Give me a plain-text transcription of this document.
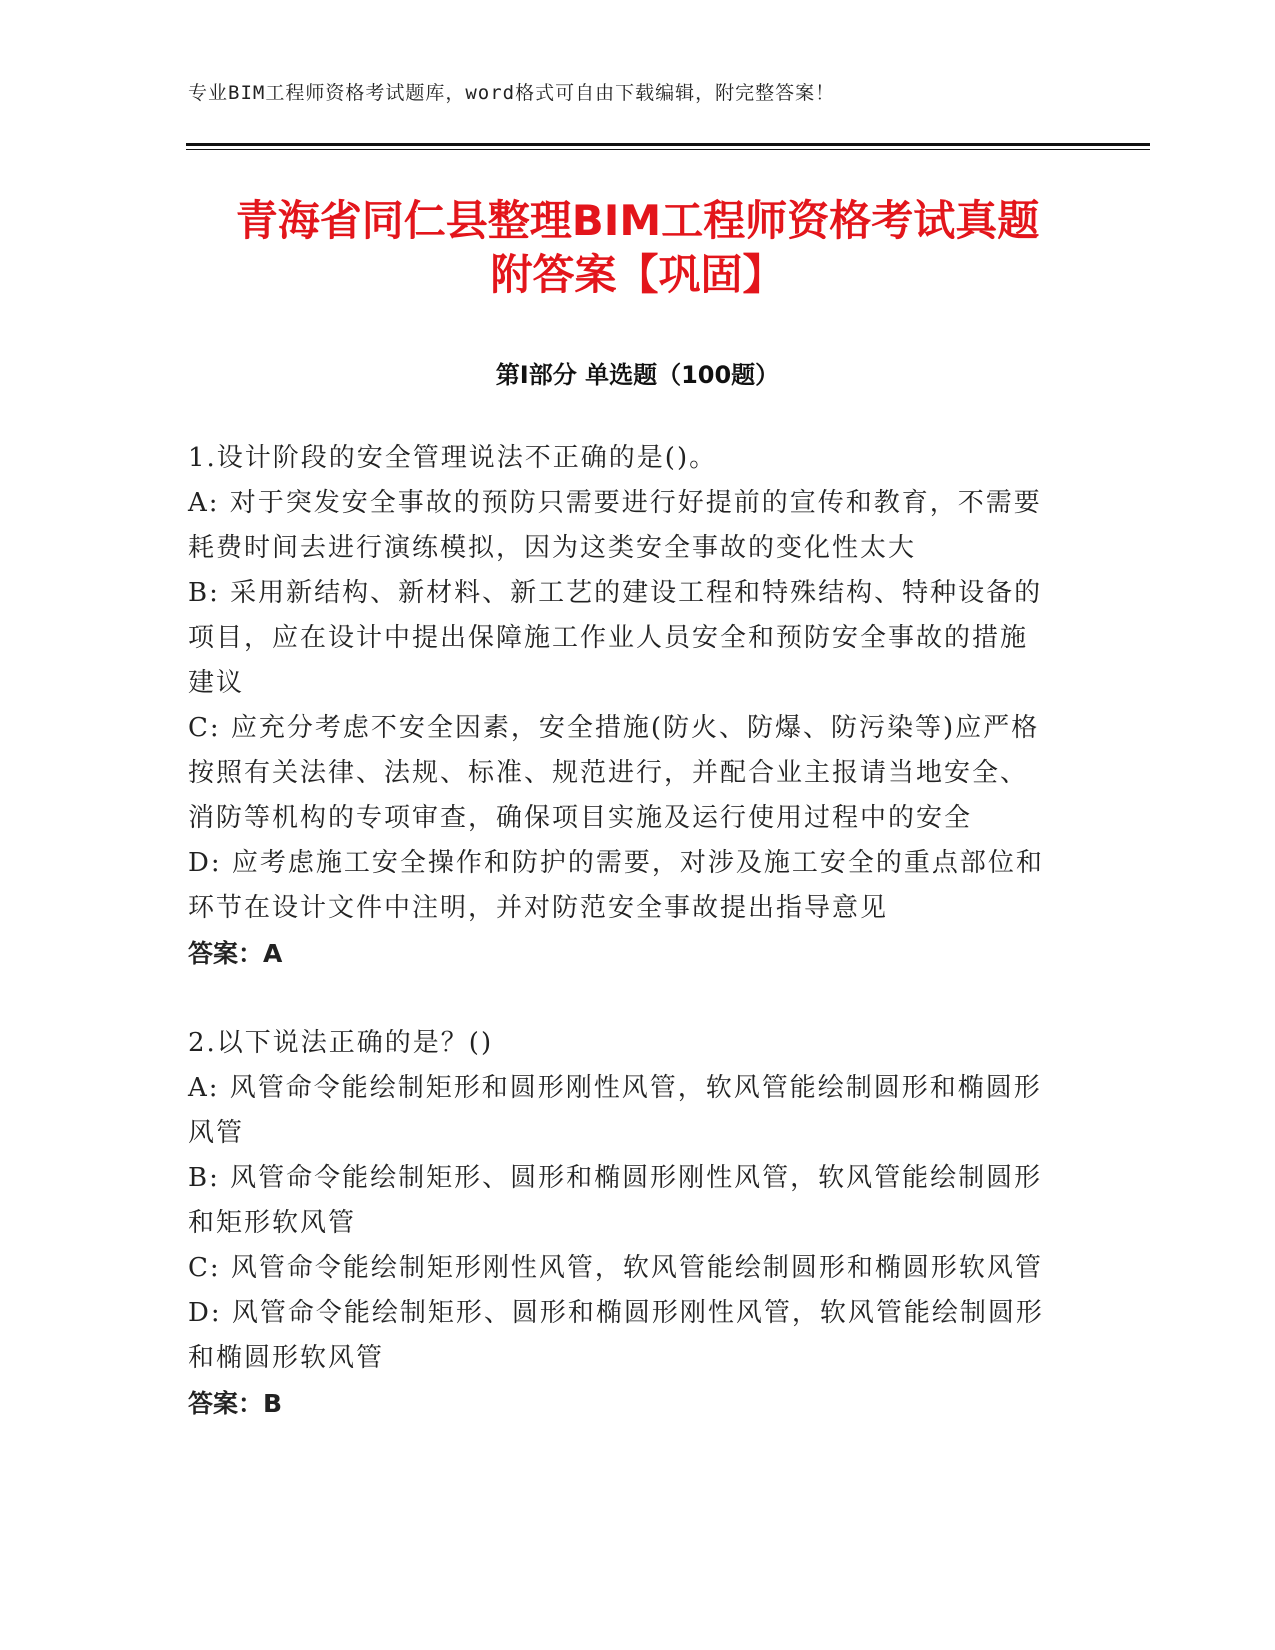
专业BIM工程师资格考试题库，word格式可自由下载编辑，附完整答案！
青海省同仁县整理BIM工程师资格考试真题
附答案【巩固】
第Ⅰ部分 单选题（100题）

1.设计阶段的安全管理说法不正确的是()。

A: 对于突发安全事故的预防只需要进行好提前的宣传和教育，不需要

耗费时间去进行演练模拟，因为这类安全事故的变化性太大

B: 采用新结构、新材料、新工艺的建设工程和特殊结构、特种设备的

项目，应在设计中提出保障施工作业人员安全和预防安全事故的措施

建议

C: 应充分考虑不安全因素，安全措施(防火、防爆、防污染等)应严格

按照有关法律、法规、标准、规范进行，并配合业主报请当地安全、

消防等机构的专项审查，确保项目实施及运行使用过程中的安全

D: 应考虑施工安全操作和防护的需要，对涉及施工安全的重点部位和

环节在设计文件中注明，并对防范安全事故提出指导意见

答案：A

2.以下说法正确的是？()

A: 风管命令能绘制矩形和圆形刚性风管，软风管能绘制圆形和椭圆形

风管

B: 风管命令能绘制矩形、圆形和椭圆形刚性风管，软风管能绘制圆形

和矩形软风管

C: 风管命令能绘制矩形刚性风管，软风管能绘制圆形和椭圆形软风管

D: 风管命令能绘制矩形、圆形和椭圆形刚性风管，软风管能绘制圆形

和椭圆形软风管

答案：B
